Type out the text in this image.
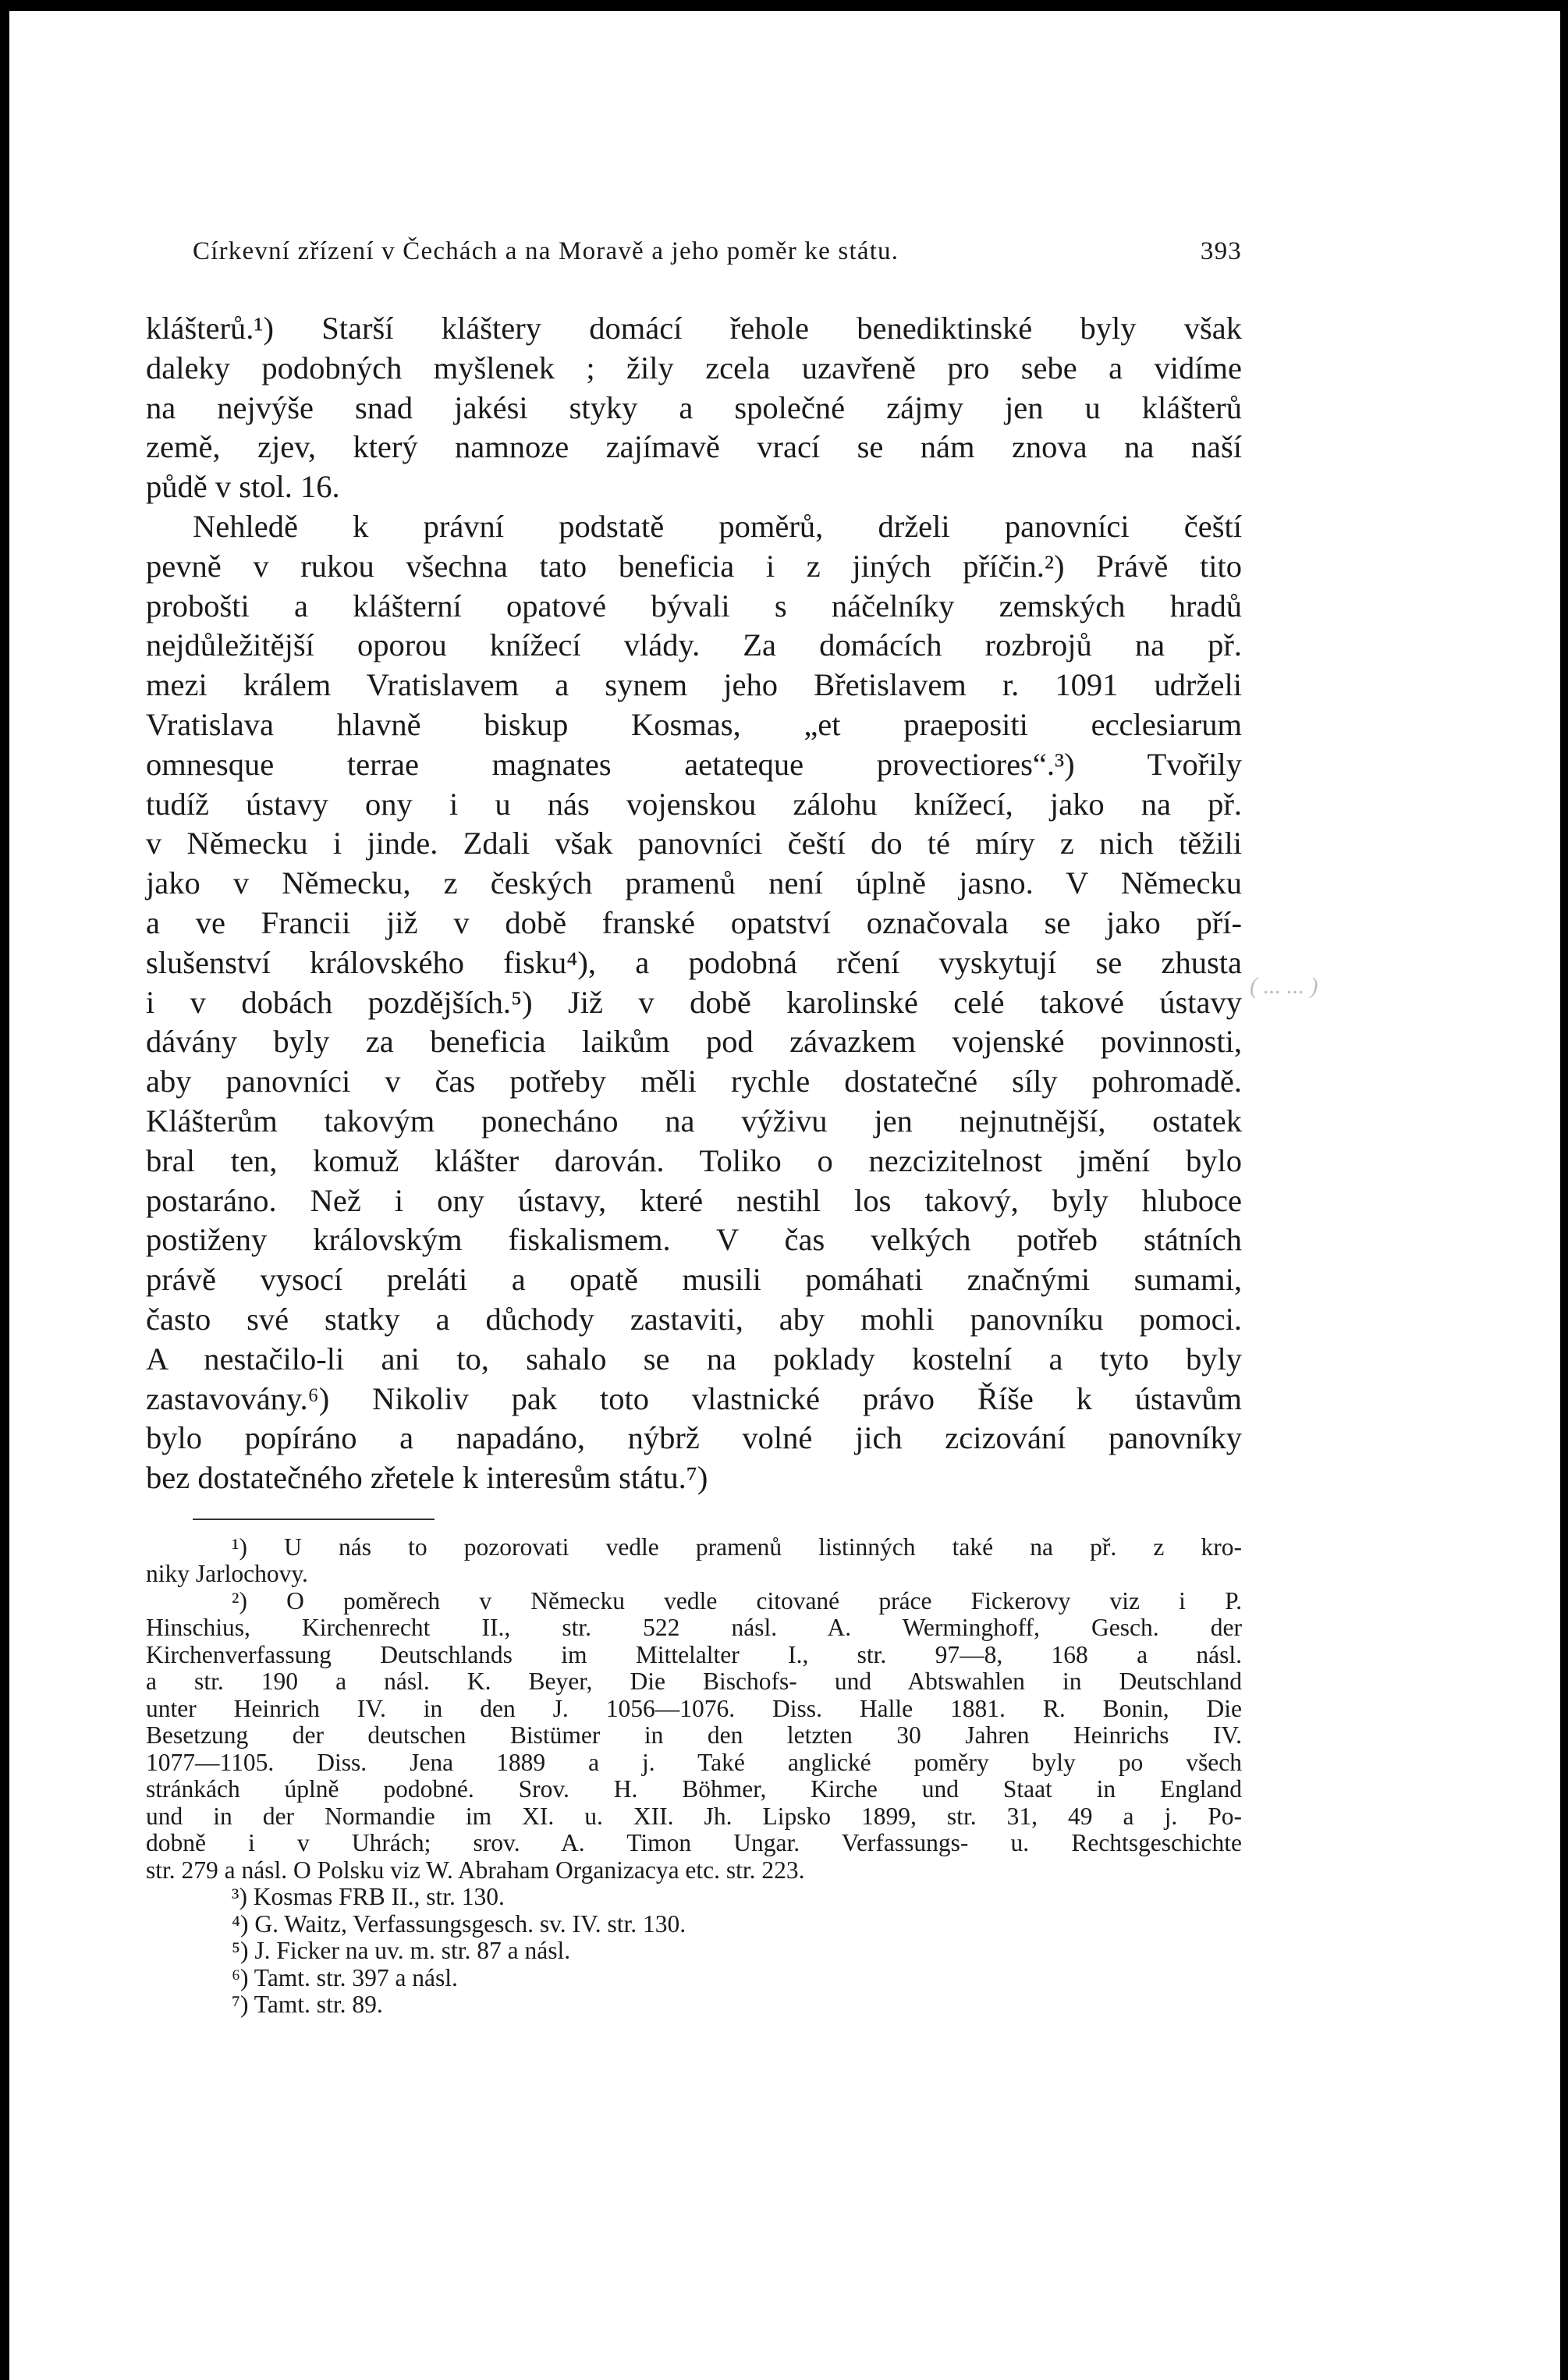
Církevní zřízení v Čechách a na Moravě a jeho poměr ke státu.	393
klášterů.¹) Starší kláštery domácí řehole benediktinské byly však
daleky podobných myšlenek ; žily zcela uzavřeně pro sebe a vidíme
na nejvýše snad jakési styky a společné zájmy jen u klášterů
země, zjev, který namnoze zajímavě vrací se nám znova na naší
půdě v stol. 16.
Nehledě k právní podstatě poměrů, drželi panovníci čeští
pevně v rukou všechna tato beneficia i z jiných příčin.²) Právě tito
probošti a klášterní opatové bývali s náčelníky zemských hradů
nejdůležitější oporou knížecí vlády. Za domácích rozbrojů na př.
mezi králem Vratislavem a synem jeho Břetislavem r. 1091 udrželi
Vratislava hlavně biskup Kosmas, „et praepositi ecclesiarum
omnesque terrae magnates aetateque provectiores“.³) Tvořily
tudíž ústavy ony i u nás vojenskou zálohu knížecí, jako na př.
v Německu i jinde. Zdali však panovníci čeští do té míry z nich těžili
jako v Německu, z českých pramenů není úplně jasno. V Německu
a ve Francii již v době franské opatství označovala se jako pří-
slušenství královského fisku⁴), a podobná rčení vyskytují se zhusta
i v dobách pozdějších.⁵) Již v době karolinské celé takové ústavy
dávány byly za beneficia laikům pod závazkem vojenské povinnosti,
aby panovníci v čas potřeby měli rychle dostatečné síly pohromadě.
Klášterům takovým ponecháno na výživu jen nejnutnější, ostatek
bral ten, komuž klášter darován. Toliko o nezcizitelnost jmění bylo
postaráno. Než i ony ústavy, které nestihl los takový, byly hluboce
postiženy královským fiskalismem. V čas velkých potřeb státních
právě vysocí preláti a opatě musili pomáhati značnými sumami,
často své statky a důchody zastaviti, aby mohli panovníku pomoci.
A nestačilo-li ani to, sahalo se na poklady kostelní a tyto byly
zastavovány.⁶) Nikoliv pak toto vlastnické právo Říše k ústavům
bylo popíráno a napadáno, nýbrž volné jich zcizování panovníky
bez dostatečného zřetele k interesům státu.⁷)
¹) U nás to pozorovati vedle pramenů listinných také na př. z kro-
niky Jarlochovy.
²) O poměrech v Německu vedle citované práce Fickerovy viz i P.
Hinschius, Kirchenrecht II., str. 522 násl. A. Werminghoff, Gesch. der
Kirchenverfassung Deutschlands im Mittelalter I., str. 97—8, 168 a násl.
a str. 190 a násl. K. Beyer, Die Bischofs- und Abtswahlen in Deutschland
unter Heinrich IV. in den J. 1056—1076. Diss. Halle 1881. R. Bonin, Die
Besetzung der deutschen Bistümer in den letzten 30 Jahren Heinrichs IV.
1077—1105. Diss. Jena 1889 a j. Také anglické poměry byly po všech
stránkách úplně podobné. Srov. H. Böhmer, Kirche und Staat in England
und in der Normandie im XI. u. XII. Jh. Lipsko 1899, str. 31, 49 a j. Po-
dobně i v Uhrách; srov. A. Timon Ungar. Verfassungs- u. Rechtsgeschichte
str. 279 a násl. O Polsku viz W. Abraham Organizacya etc. str. 223.
³) Kosmas FRB II., str. 130.
⁴) G. Waitz, Verfassungsgesch. sv. IV. str. 130.
⁵) J. Ficker na uv. m. str. 87 a násl.
⁶) Tamt. str. 397 a násl.
⁷) Tamt. str. 89.
( ... ... )
